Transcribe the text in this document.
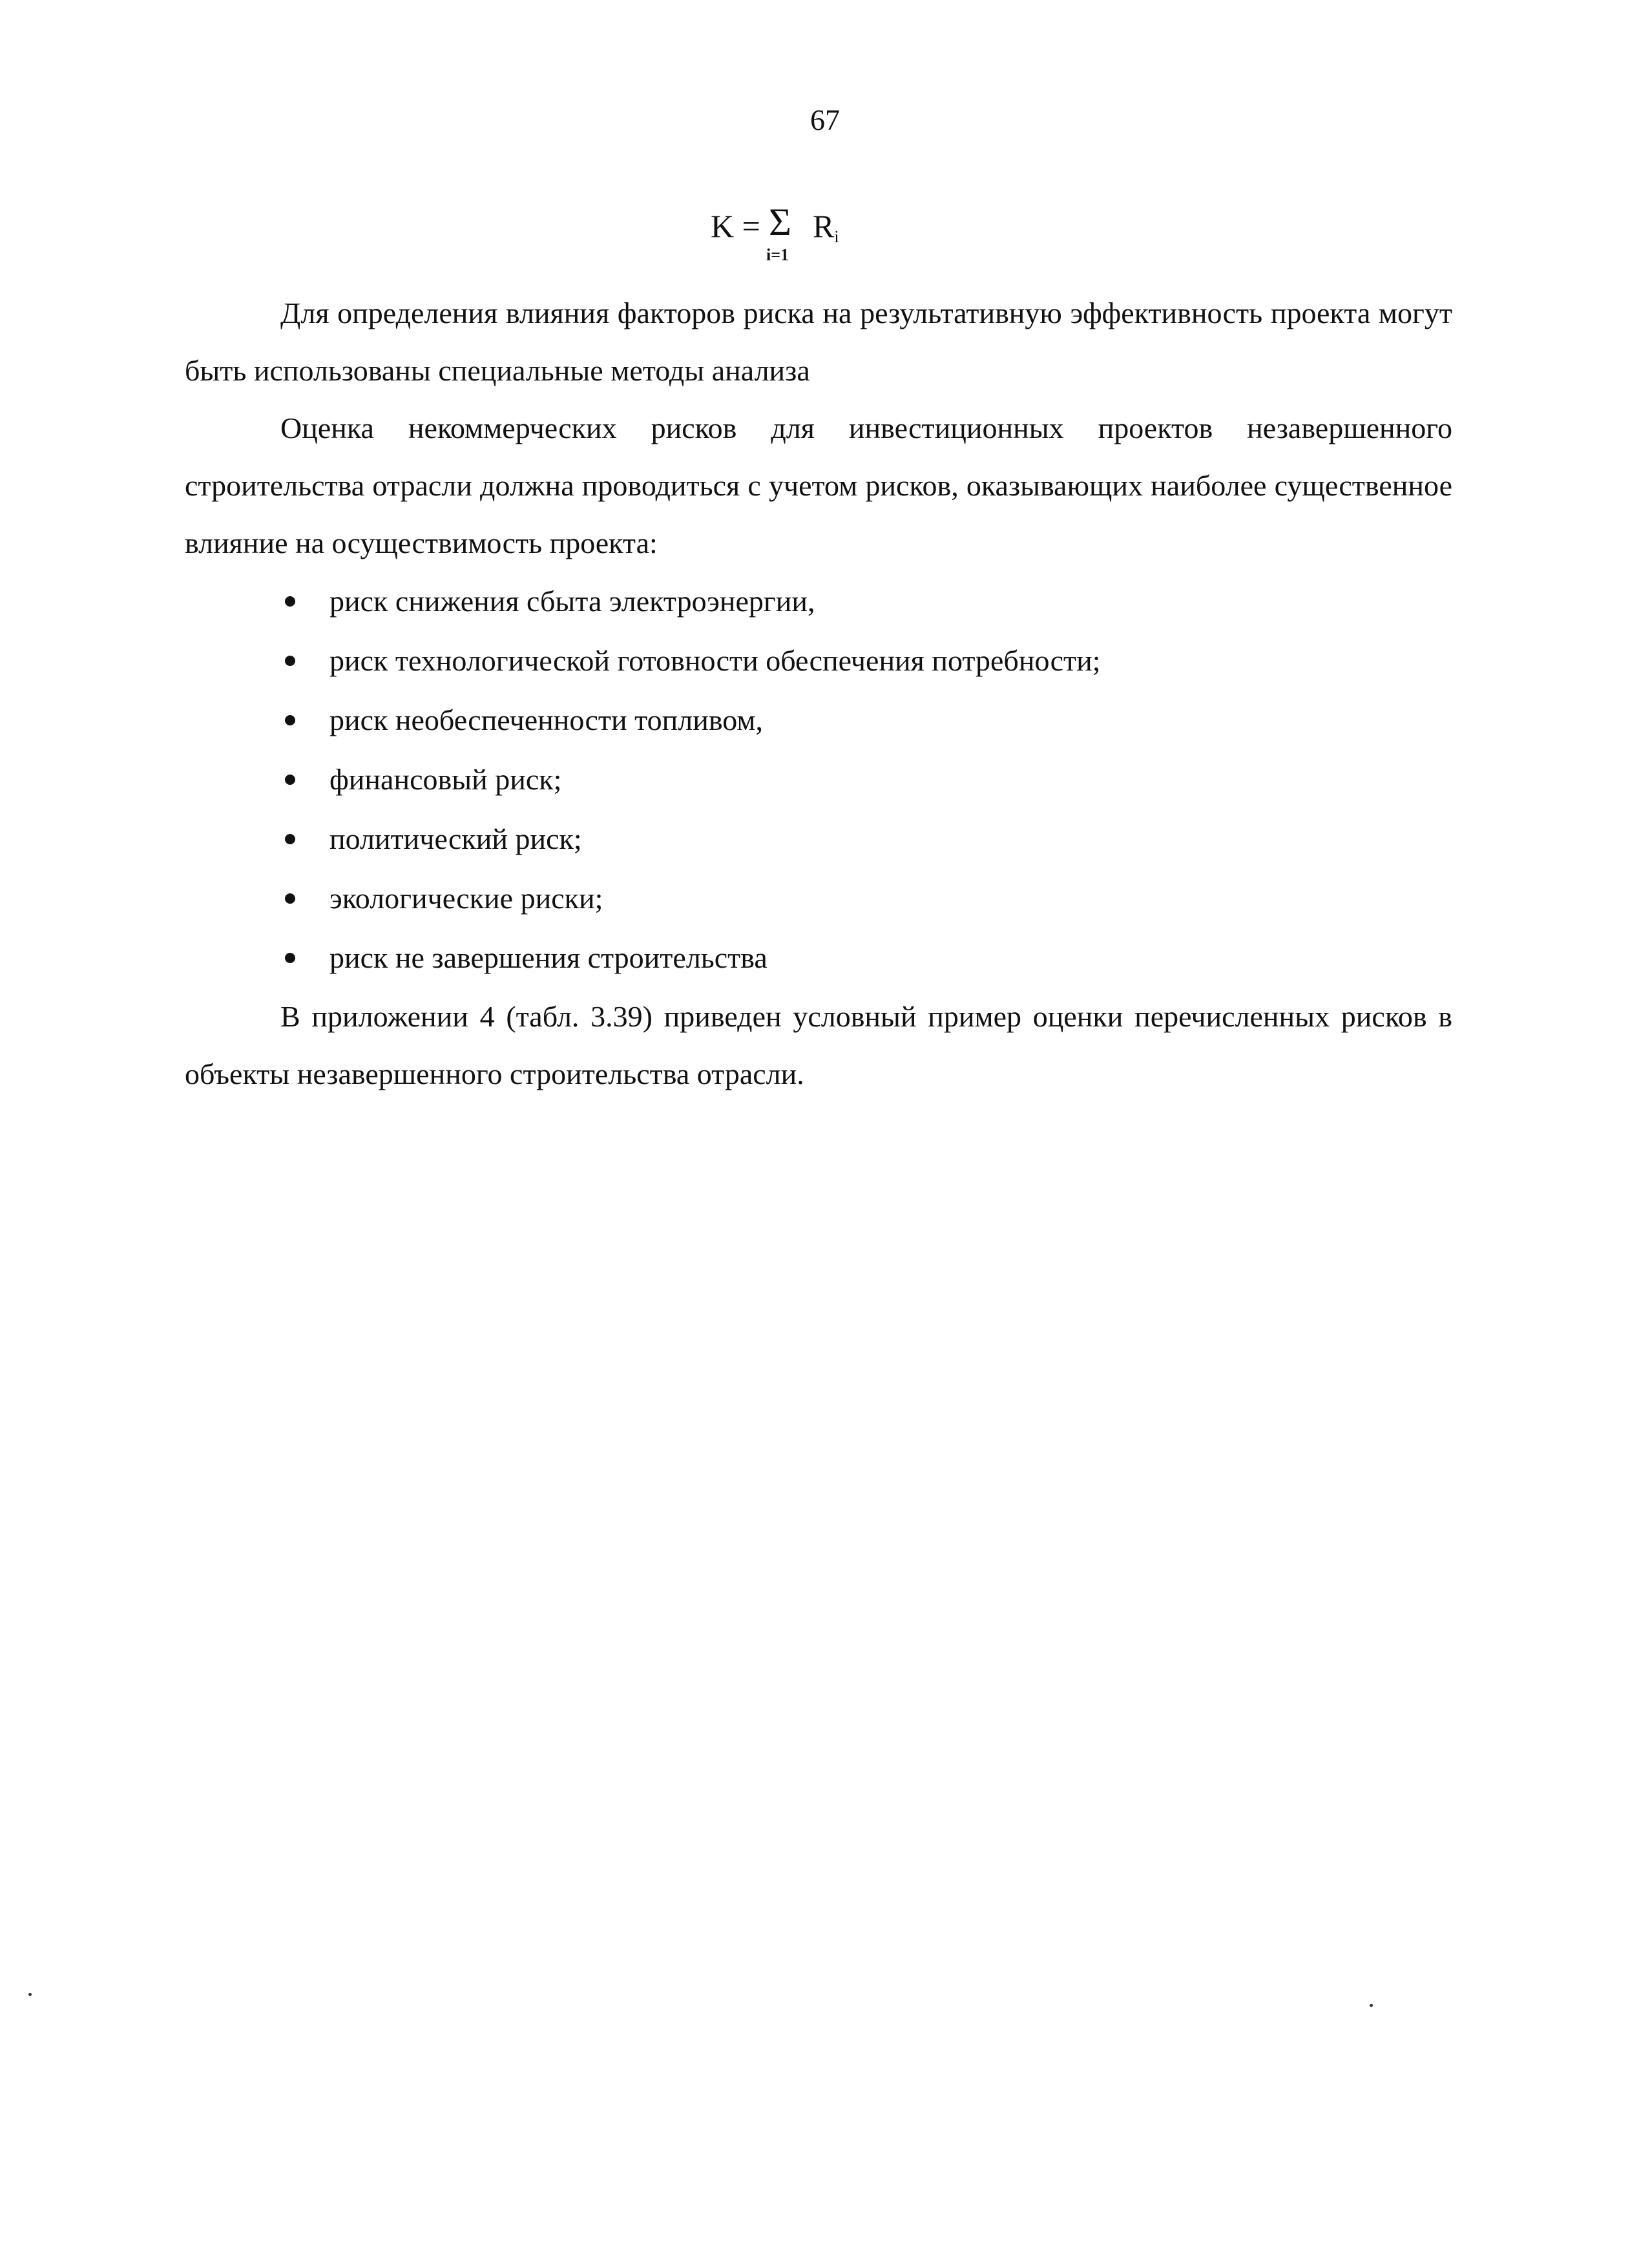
67
K = Σ
i=1
Ri

Для определения влияния факторов риска на результативную эффективность проекта могут быть использованы специальные методы анализа

Оценка некоммерческих рисков для инвестиционных проектов незавершенного строительства отрасли должна проводиться с учетом рисков, оказывающих наиболее существенное влияние на осуществимость проекта:

риск снижения сбыта электроэнергии,
риск технологической готовности обеспечения потребности;
риск необеспеченности топливом,
финансовый риск;
политический риск;
экологические риски;
риск не завершения строительства

В приложении 4 (табл. 3.39) приведен условный пример оценки перечисленных рисков в объекты незавершенного строительства отрасли.
